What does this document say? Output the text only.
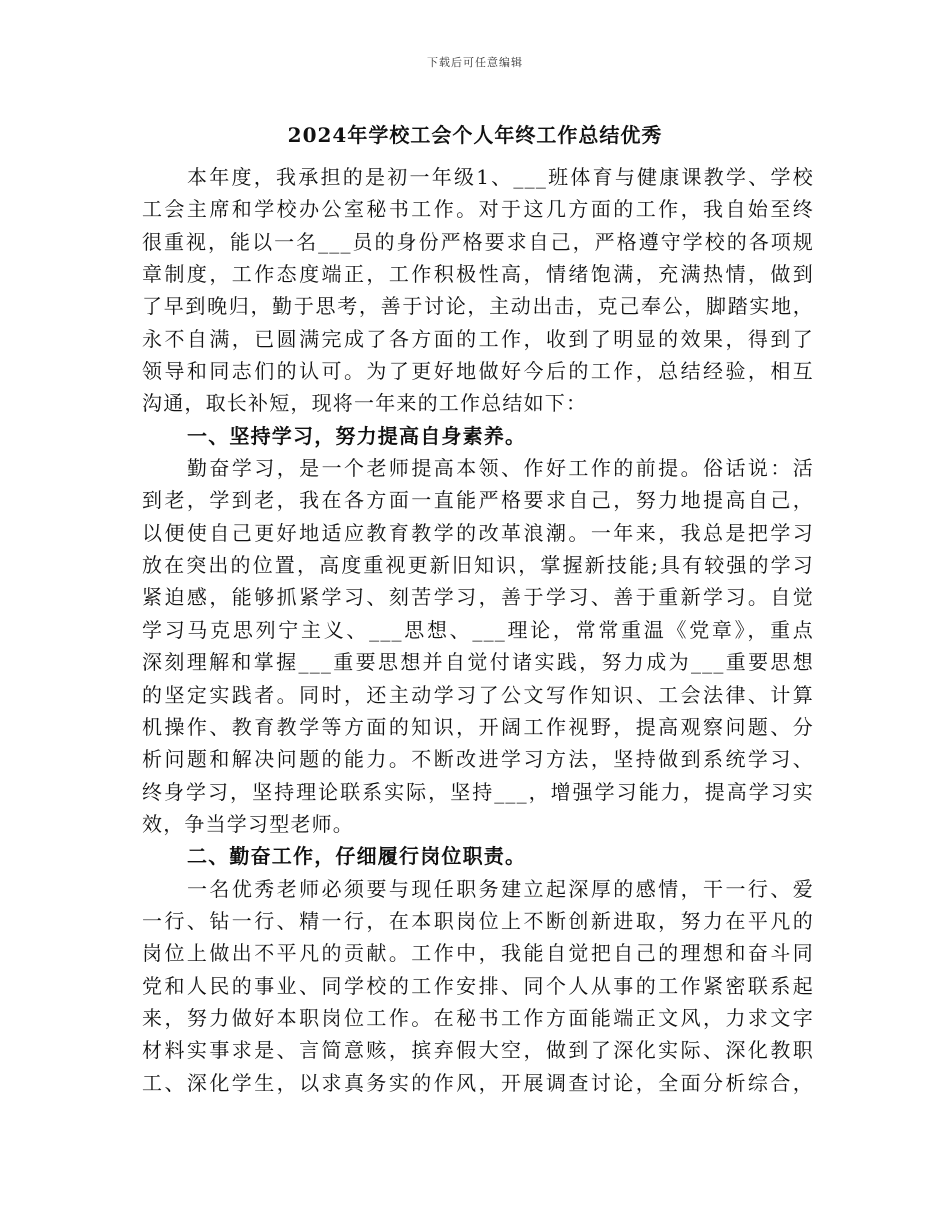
下载后可任意编辑
2024年学校工会个人年终工作总结优秀
本年度，我承担的是初一年级1、___班体育与健康课教学、学校
工会主席和学校办公室秘书工作。对于这几方面的工作，我自始至终
很重视，能以一名___员的身份严格要求自己，严格遵守学校的各项规
章制度，工作态度端正，工作积极性高，情绪饱满，充满热情，做到
了早到晚归，勤于思考，善于讨论，主动出击，克己奉公，脚踏实地，
永不自满，已圆满完成了各方面的工作，收到了明显的效果，得到了
领导和同志们的认可。为了更好地做好今后的工作，总结经验，相互
沟通，取长补短，现将一年来的工作总结如下：
一、坚持学习，努力提高自身素养。
勤奋学习，是一个老师提高本领、作好工作的前提。俗话说：活
到老，学到老，我在各方面一直能严格要求自己，努力地提高自己，
以便使自己更好地适应教育教学的改革浪潮。一年来，我总是把学习
放在突出的位置，高度重视更新旧知识，掌握新技能;具有较强的学习
紧迫感，能够抓紧学习、刻苦学习，善于学习、善于重新学习。自觉
学习马克思列宁主义、___思想、___理论，常常重温《党章》，重点
深刻理解和掌握___重要思想并自觉付诸实践，努力成为___重要思想
的坚定实践者。同时，还主动学习了公文写作知识、工会法律、计算
机操作、教育教学等方面的知识，开阔工作视野，提高观察问题、分
析问题和解决问题的能力。不断改进学习方法，坚持做到系统学习、
终身学习，坚持理论联系实际，坚持___，增强学习能力，提高学习实
效，争当学习型老师。
二、勤奋工作，仔细履行岗位职责。
一名优秀老师必须要与现任职务建立起深厚的感情，干一行、爱
一行、钻一行、精一行，在本职岗位上不断创新进取，努力在平凡的
岗位上做出不平凡的贡献。工作中，我能自觉把自己的理想和奋斗同
党和人民的事业、同学校的工作安排、同个人从事的工作紧密联系起
来，努力做好本职岗位工作。在秘书工作方面能端正文风，力求文字
材料实事求是、言简意赅，摈弃假大空，做到了深化实际、深化教职
工、深化学生，以求真务实的作风，开展调查讨论，全面分析综合，
